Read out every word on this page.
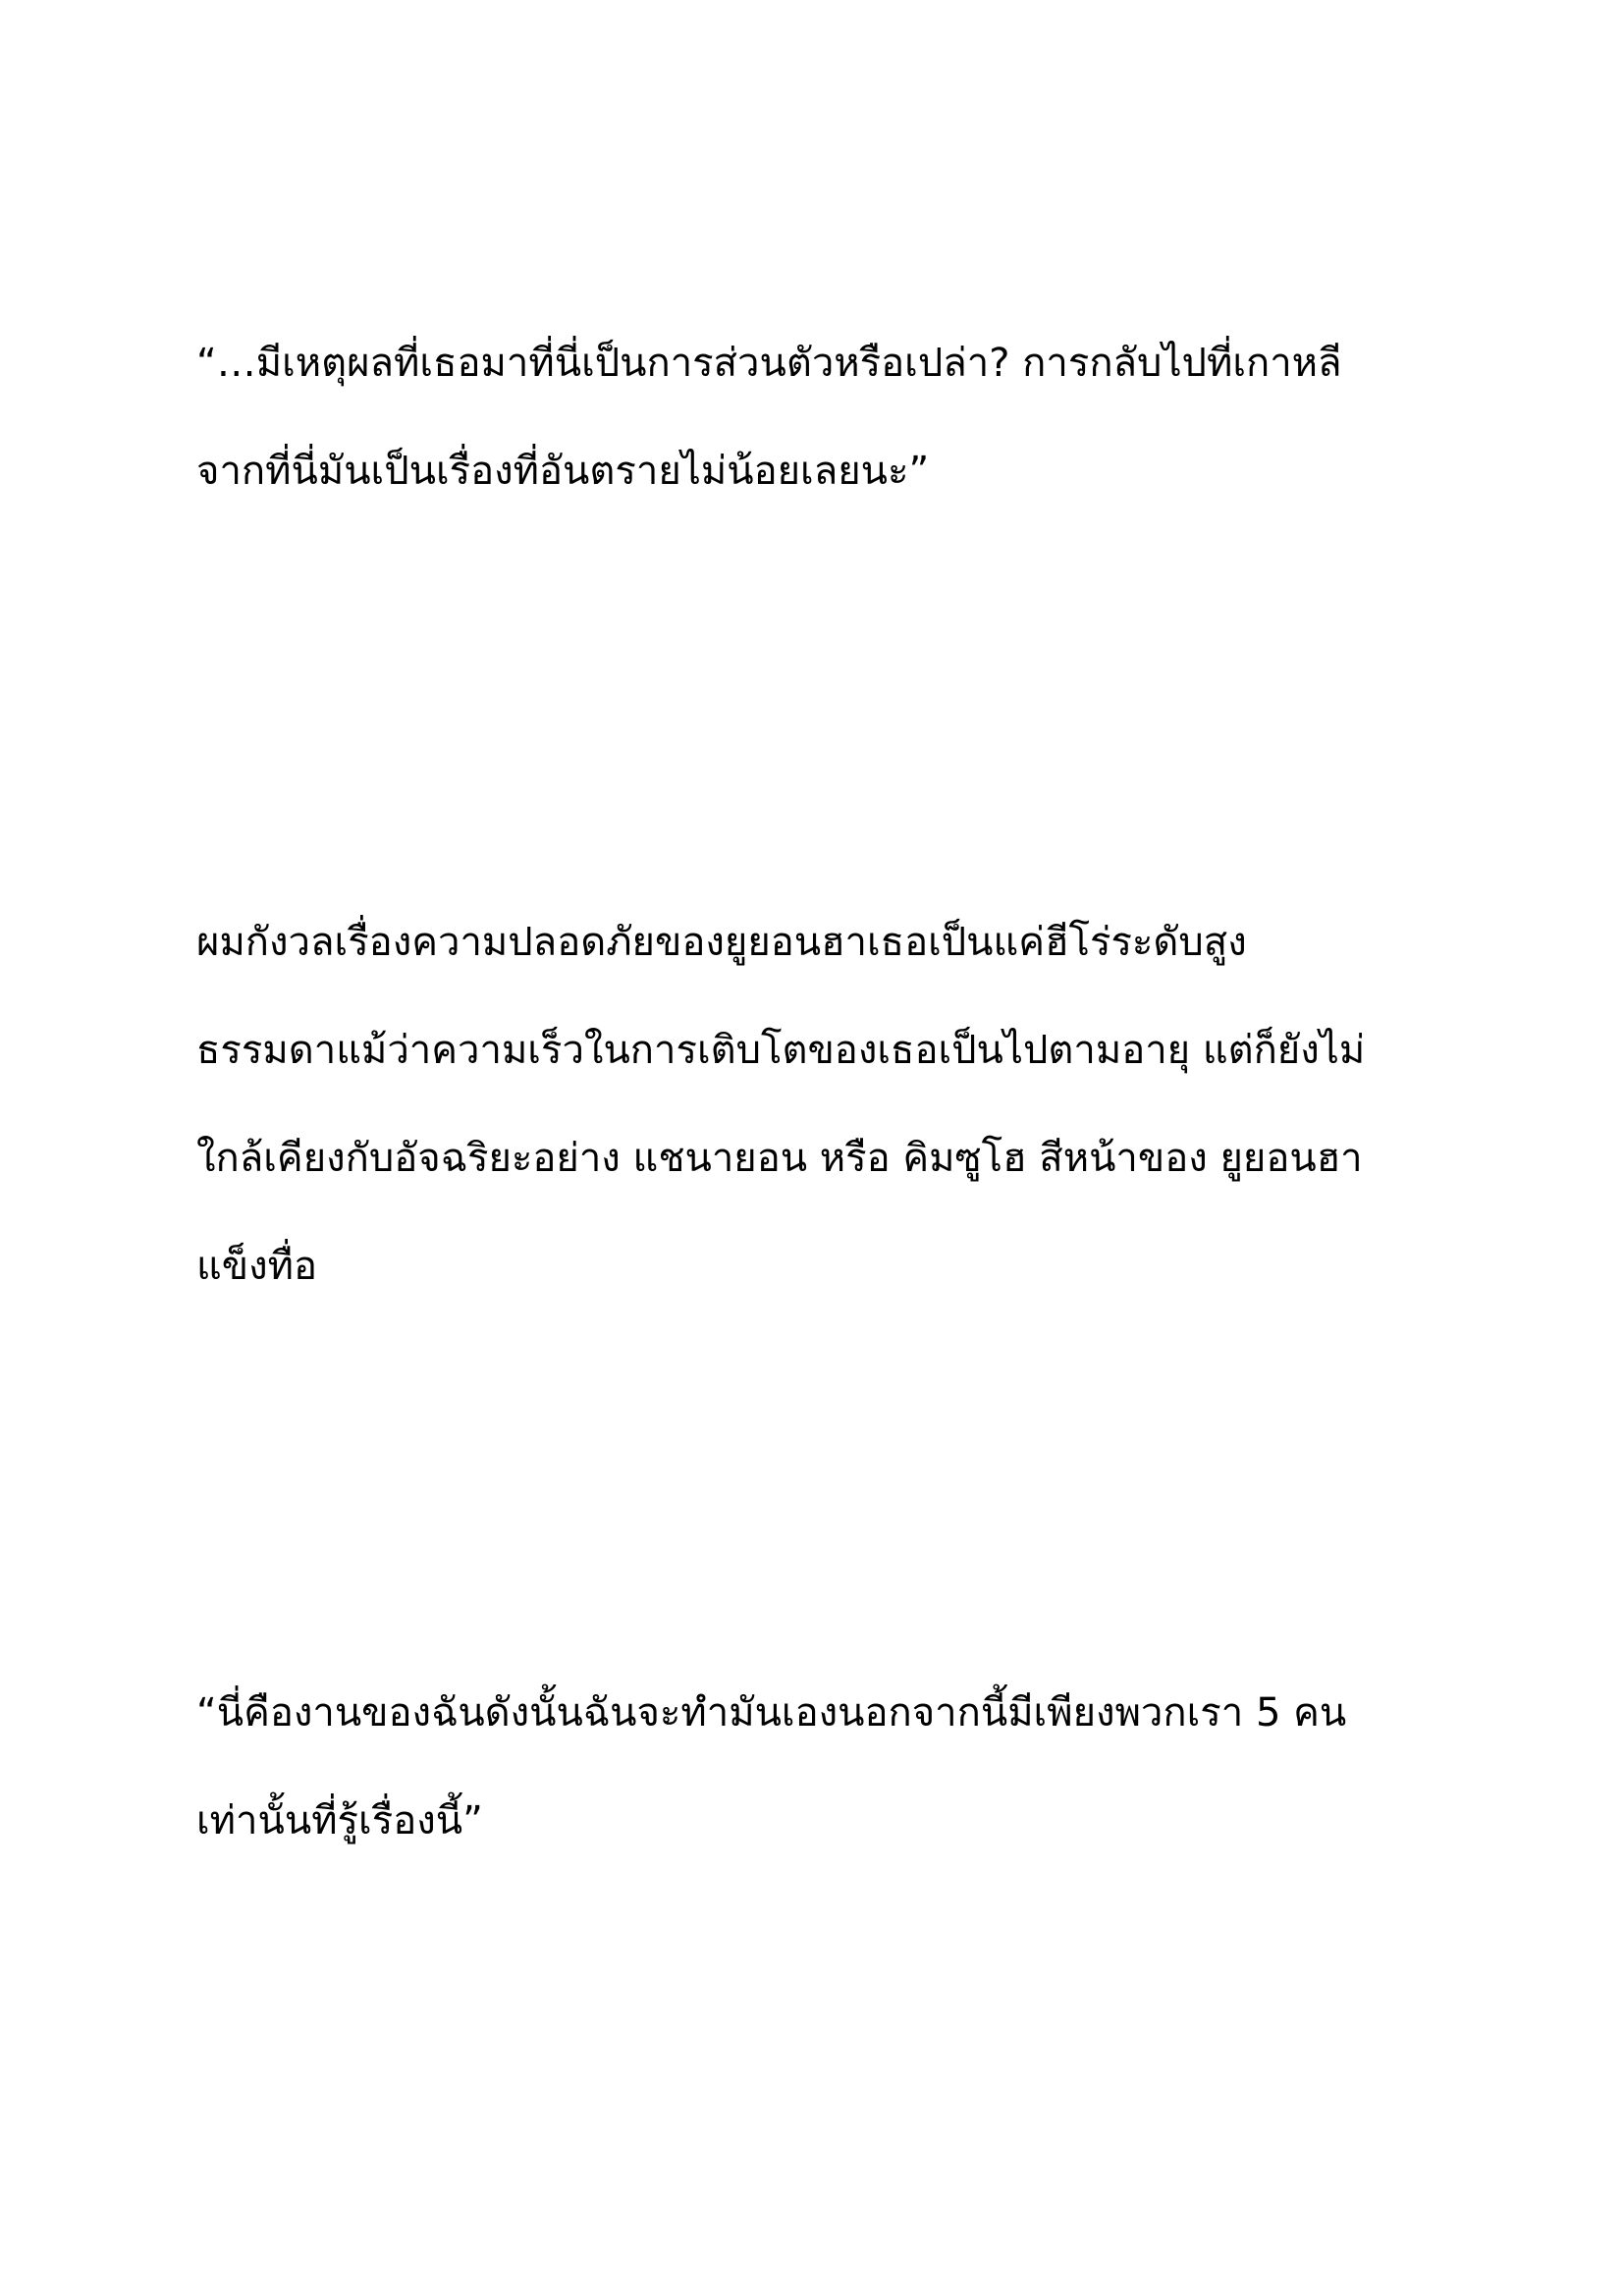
“…มีเหตุผลที่เธอมาที่นี่เป็นการส่วนตัวหรือเปล่า? การกลับไปที่เกาหลี
จากที่นี่มันเป็นเรื่องที่อันตรายไม่น้อยเลยนะ”

ผมกังวลเรื่องความปลอดภัยของยูยอนฮาเธอเป็นแค่ฮีโร่ระดับสูง
ธรรมดาแม้ว่าความเร็วในการเติบโตของเธอเป็นไปตามอายุ แต่ก็ยังไม่
ใกล้เคียงกับอัจฉริยะอย่าง แชนายอน หรือ คิมซูโฮ สีหน้าของ ยูยอนฮา
แข็งทื่อ

“นี่คืองานของฉันดังนั้นฉันจะทำมันเองนอกจากนี้มีเพียงพวกเรา 5 คน
เท่านั้นที่รู้เรื่องนี้”
